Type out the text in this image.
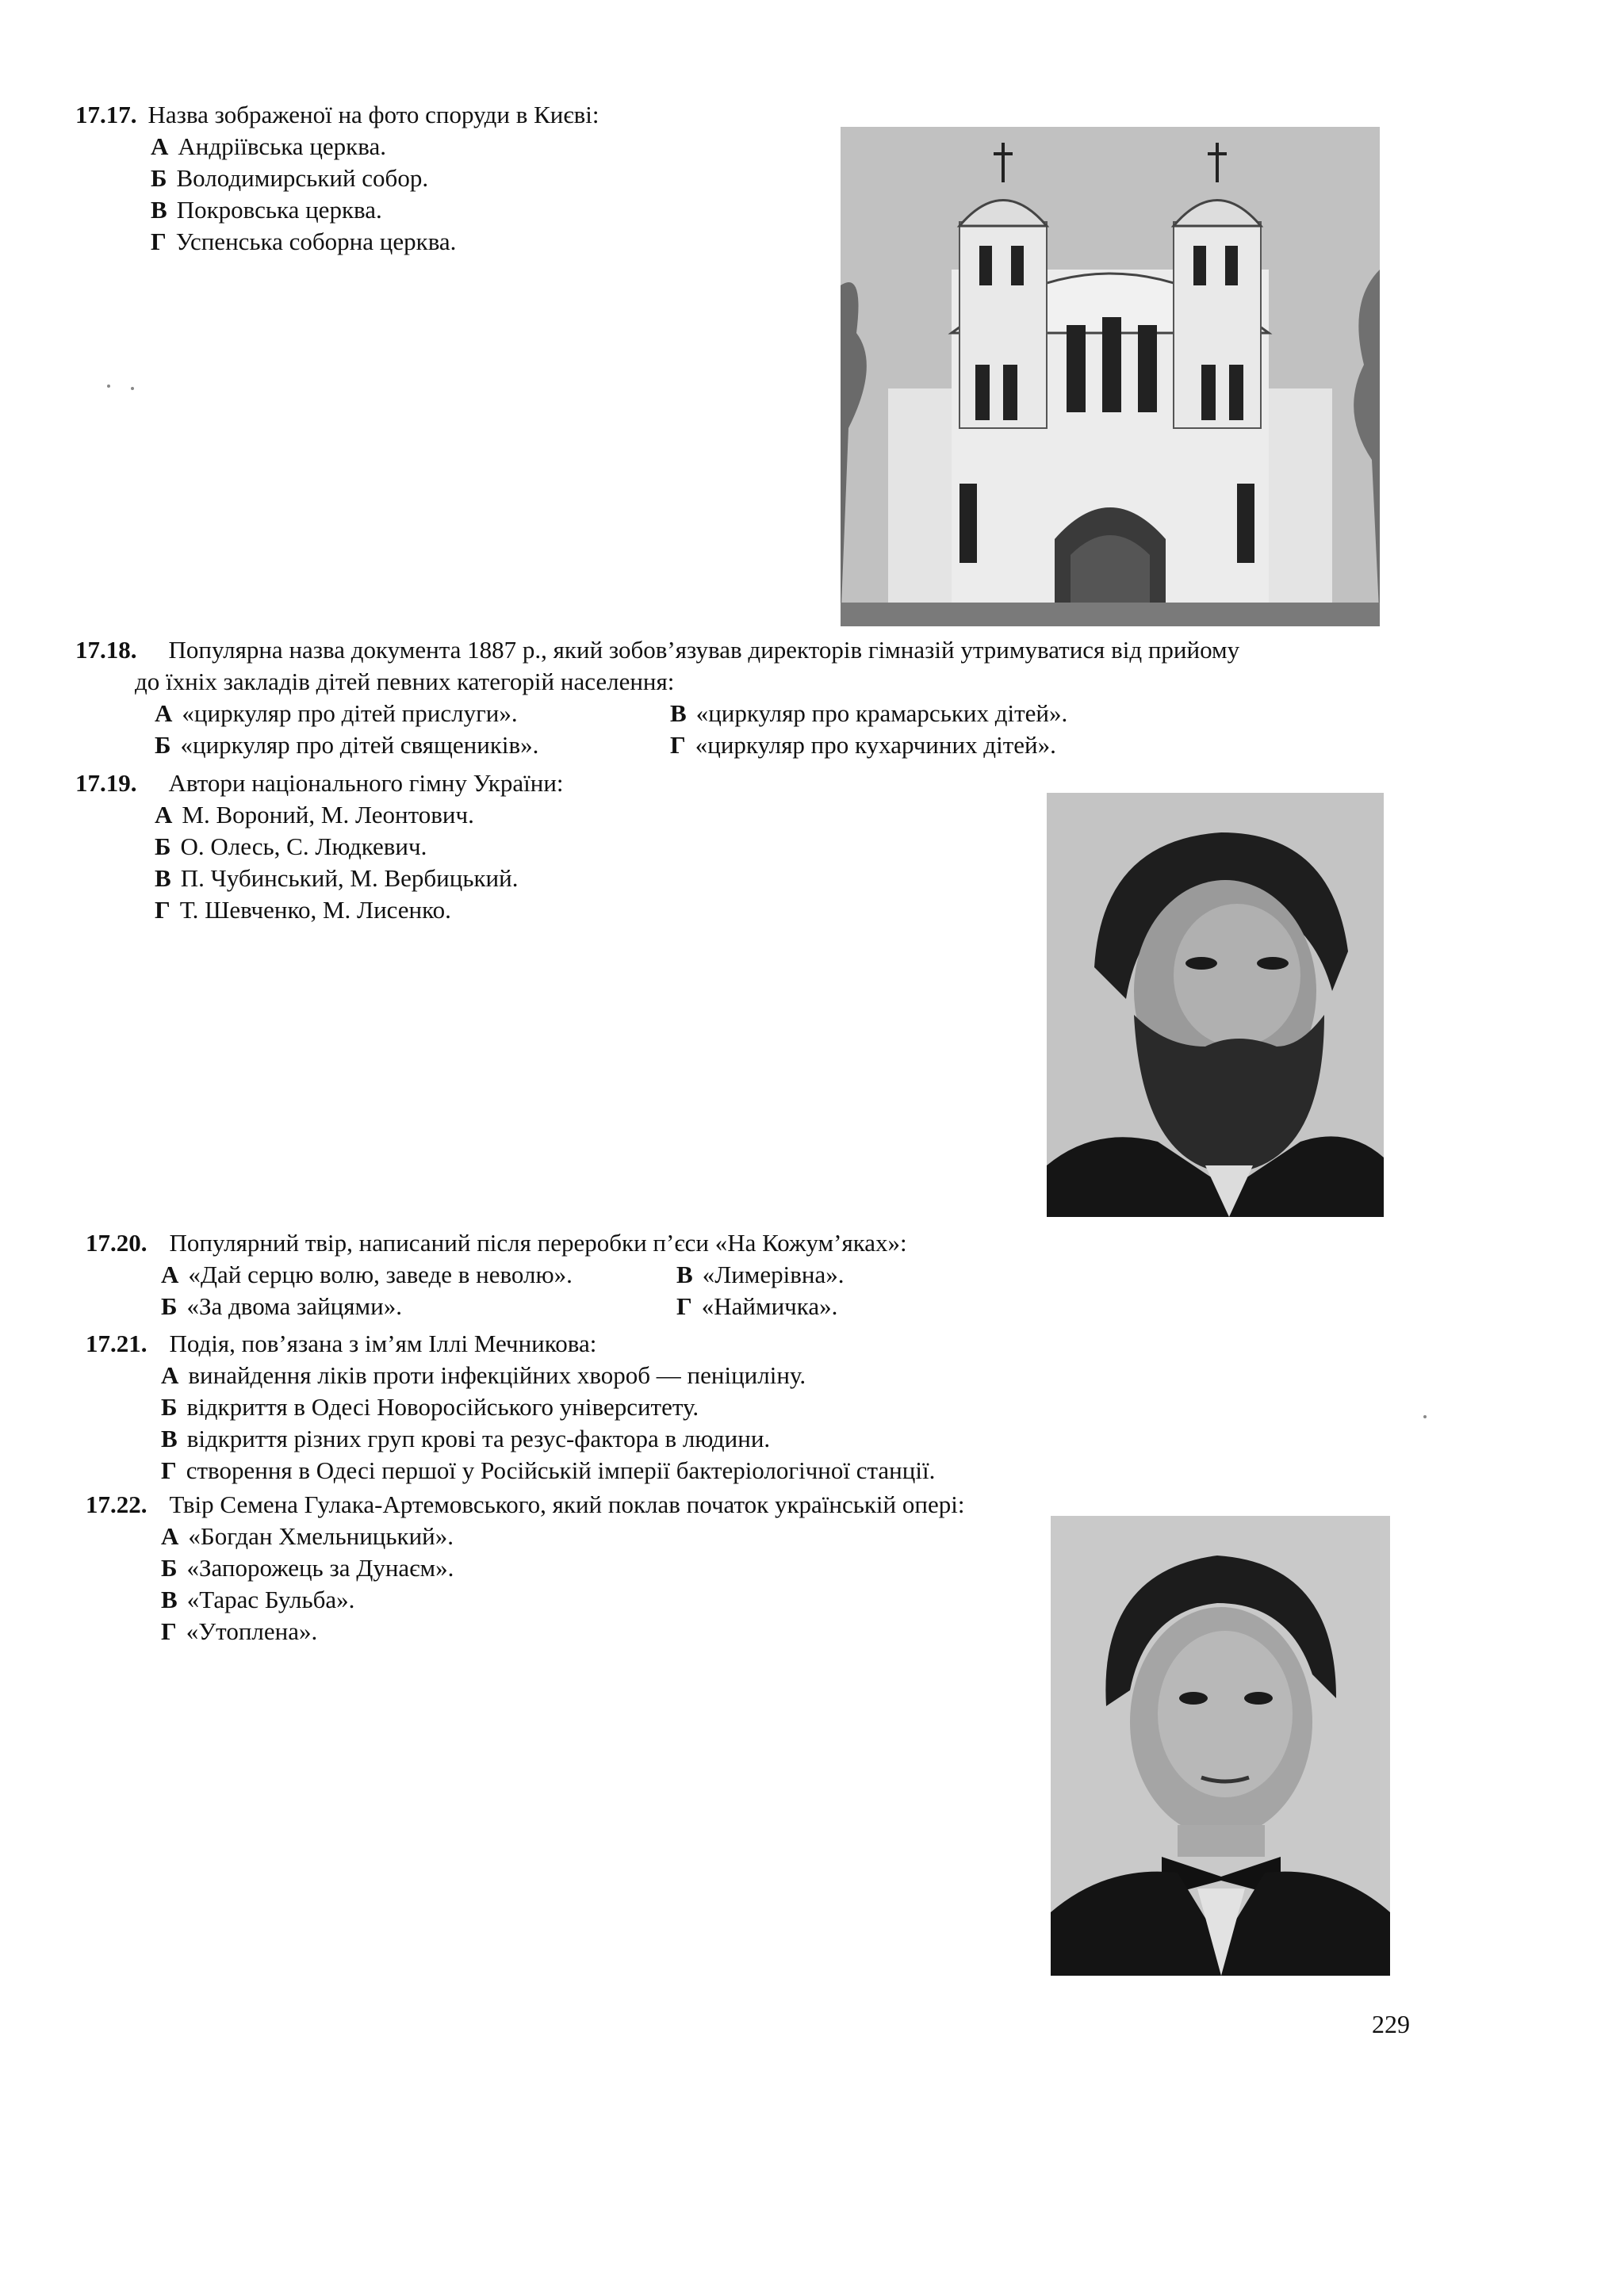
17.17. Назва зображеної на фото споруди в Києві:
А Андріївська церква.
Б Володимирський собор.
В Покровська церква.
Г Успенська соборна церква.
17.18. Популярна назва документа 1887 р., який зобов’язував директорів гімназій утримуватися від прийому
до їхніх закладів дітей певних категорій населення:
А «циркуляр про дітей прислуги».	В «циркуляр про крамарських дітей».
Б «циркуляр про дітей священиків».	Г «циркуляр про кухарчиних дітей».
17.19. Автори національного гімну України:
А М. Вороний, М. Леонтович.
Б О. Олесь, С. Людкевич.
В П. Чубинський, М. Вербицький.
Г Т. Шевченко, М. Лисенко.
17.20. Популярний твір, написаний після переробки п’єси «На Кожум’яках»:
А «Дай серцю волю, заведе в неволю».	В «Лимерівна».
Б «За двома зайцями».	Г «Наймичка».
17.21. Подія, пов’язана з ім’ям Іллі Мечникова:
А винайдення ліків проти інфекційних хвороб — пеніциліну.
Б відкриття в Одесі Новоросійського університету.
В відкриття різних груп крові та резус-фактора в людини.
Г створення в Одесі першої у Російській імперії бактеріологічної станції.
17.22. Твір Семена Гулака-Артемовського, який поклав початок українській опері:
А «Богдан Хмельницький».
Б «Запорожець за Дунаєм».
В «Тарас Бульба».
Г «Утоплена».
229
